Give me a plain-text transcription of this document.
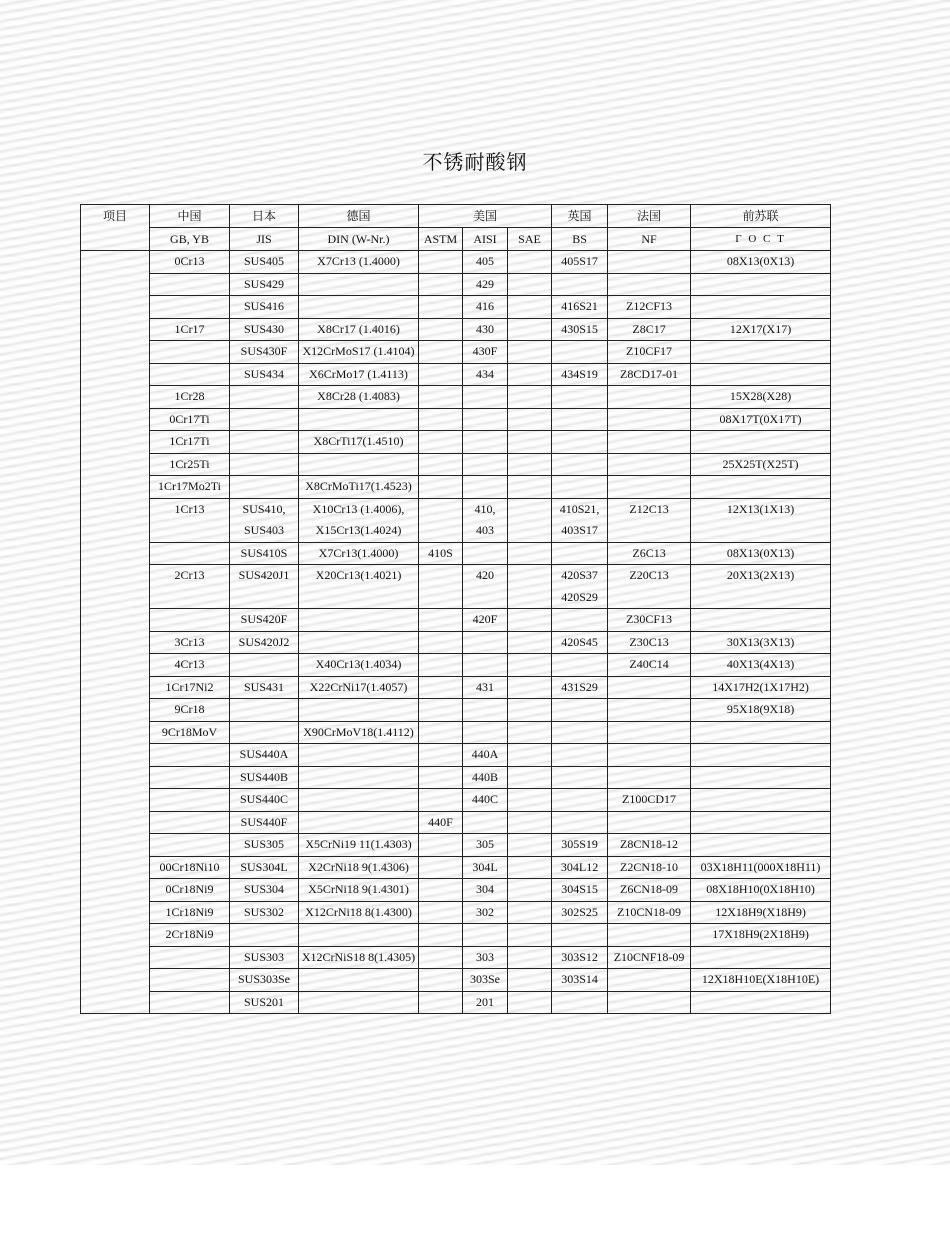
不锈耐酸钢
项目	中国	日本	德国	美国			英国	法国	前苏联
	GB, YB	JIS	DIN (W-Nr.)	ASTM	AISI	SAE	BS	NF	Г О С Т
	0Cr13	SUS405	X7Cr13 (1.4000)		405		405S17		08X13(0X13)
		SUS429			429				
		SUS416			416		416S21	Z12CF13	
	1Cr17	SUS430	X8Cr17 (1.4016)		430		430S15	Z8C17	12X17(X17)
		SUS430F	X12CrMoS17 (1.4104)		430F			Z10CF17	
		SUS434	X6CrMo17 (1.4113)		434		434S19	Z8CD17-01	
	1Cr28		X8Cr28 (1.4083)						15X28(X28)
	0Cr17Ti								08X17T(0X17T)
	1Cr17Ti		X8CrTi17(1.4510)						
	1Cr25Ti								25X25T(X25T)
	1Cr17Mo2Ti		X8CrMoTi17(1.4523)						
	1Cr13	SUS410,	X10Cr13 (1.4006),		410,		410S21,	Z12C13	12X13(1X13)
		SUS403	X15Cr13(1.4024)		403		403S17		
		SUS410S	X7Cr13(1.4000)	410S				Z6C13	08X13(0X13)
	2Cr13	SUS420J1	X20Cr13(1.4021)		420		420S37	Z20C13	20X13(2X13)
							420S29		
		SUS420F			420F			Z30CF13	
	3Cr13	SUS420J2					420S45	Z30C13	30X13(3X13)
	4Cr13		X40Cr13(1.4034)					Z40C14	40X13(4X13)
	1Cr17Ni2	SUS431	X22CrNi17(1.4057)		431		431S29		14X17H2(1X17H2)
	9Cr18								95X18(9X18)
	9Cr18MoV		X90CrMoV18(1.4112)						
		SUS440A			440A				
		SUS440B			440B				
		SUS440C			440C			Z100CD17	
		SUS440F		440F					
		SUS305	X5CrNi19 11(1.4303)		305		305S19	Z8CN18-12	
	00Cr18Ni10	SUS304L	X2CrNi18 9(1.4306)		304L		304L12	Z2CN18-10	03X18H11(000X18H11)
	0Cr18Ni9	SUS304	X5CrNi18 9(1.4301)		304		304S15	Z6CN18-09	08X18H10(0X18H10)
	1Cr18Ni9	SUS302	X12CrNi18 8(1.4300)		302		302S25	Z10CN18-09	12X18H9(X18H9)
	2Cr18Ni9								17X18H9(2X18H9)
		SUS303	X12CrNiS18 8(1.4305)		303		303S12	Z10CNF18-09	
		SUS303Se			303Se		303S14		12X18H10E(X18H10E)
		SUS201			201				
